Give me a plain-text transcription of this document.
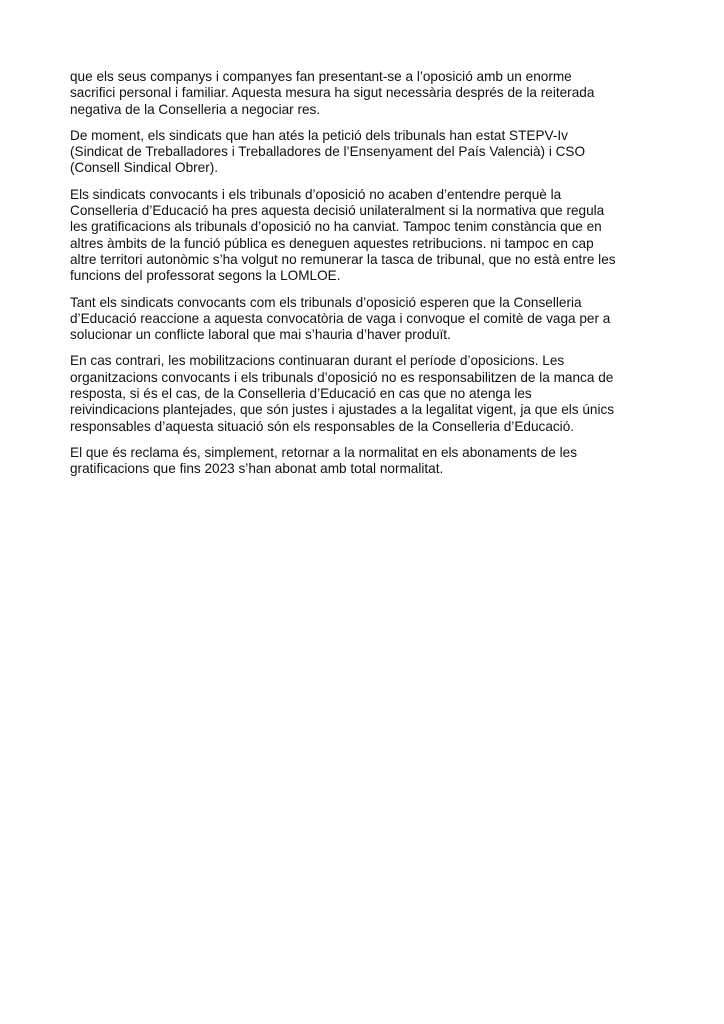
que els seus companys i companyes fan presentant-se a l’oposició amb un enorme
sacrifici personal i familiar. Aquesta mesura ha sigut necessària després de la reiterada
negativa de la Conselleria a negociar res.

De moment, els sindicats que han atés la petició dels tribunals han estat STEPV-Iv
(Sindicat de Treballadores i Treballadores de l’Ensenyament del País Valencià) i CSO
(Consell Sindical Obrer).

Els sindicats convocants i els tribunals d’oposició no acaben d’entendre perquè la
Conselleria d’Educació ha pres aquesta decisió unilateralment si la normativa que regula
les gratificacions als tribunals d’oposició no ha canviat. Tampoc tenim constància que en
altres àmbits de la funció pública es deneguen aquestes retribucions. ni tampoc en cap
altre territori autonòmic s’ha volgut no remunerar la tasca de tribunal, que no està entre les
funcions del professorat segons la LOMLOE.

Tant els sindicats convocants com els tribunals d’oposició esperen que la Conselleria
d’Educació reaccione a aquesta convocatòria de vaga i convoque el comitè de vaga per a
solucionar un conflicte laboral que mai s’hauria d’haver produït.

En cas contrari, les mobilitzacions continuaran durant el període d’oposicions. Les
organitzacions convocants i els tribunals d’oposició no es responsabilitzen de la manca de
resposta, si és el cas, de la Conselleria d’Educació en cas que no atenga les
reivindicacions plantejades, que són justes i ajustades a la legalitat vigent, ja que els únics
responsables d’aquesta situació són els responsables de la Conselleria d’Educació.

El que és reclama és, simplement, retornar a la normalitat en els abonaments de les
gratificacions que fins 2023 s’han abonat amb total normalitat.
